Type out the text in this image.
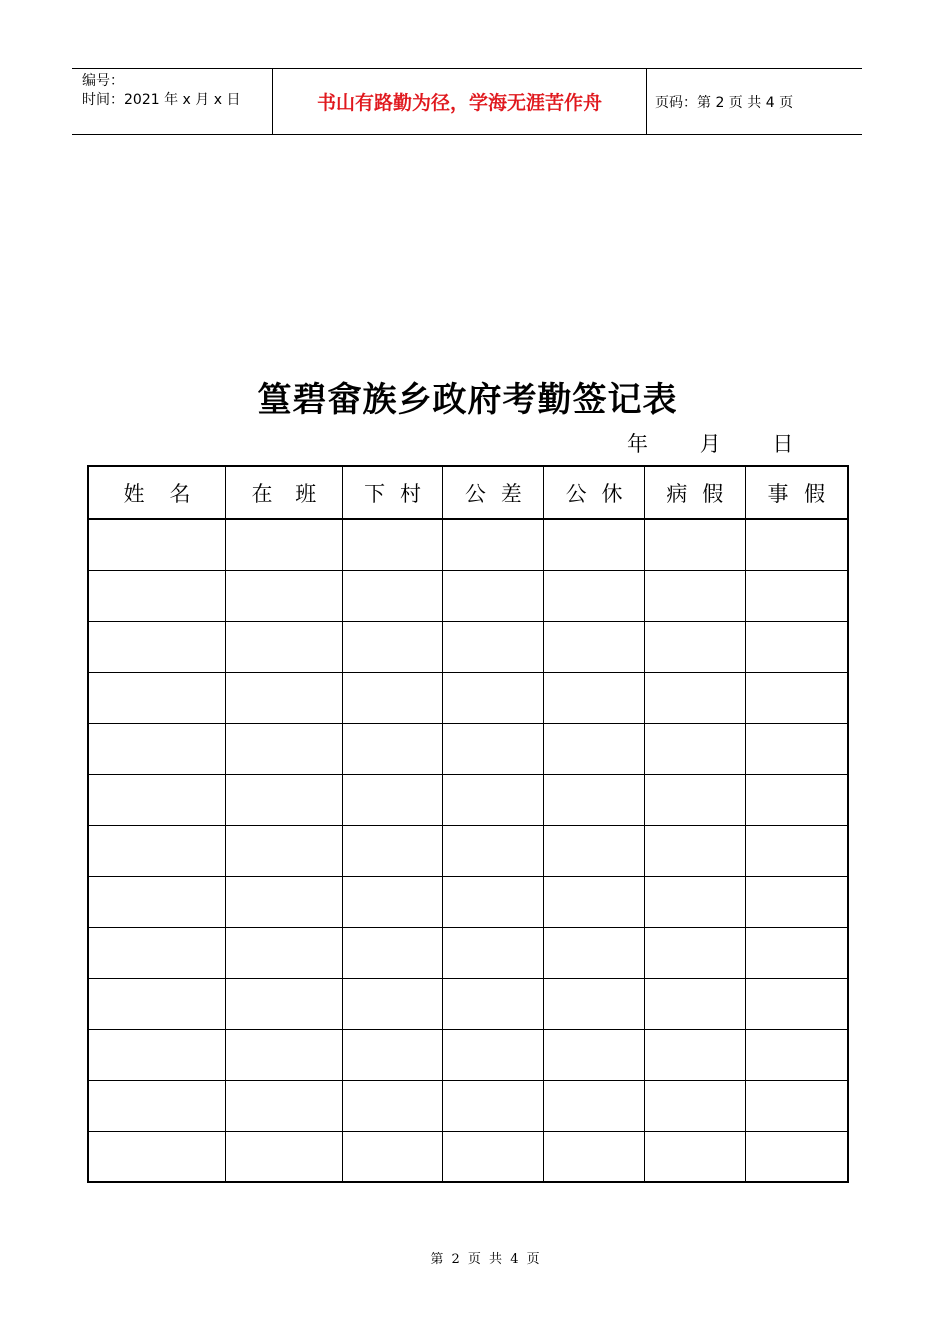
编号：
时间：2021 年 x 月 x 日	书山有路勤为径，学海无涯苦作舟	页码：第 2 页 共 4 页
篁碧畲族乡政府考勤签记表
年 月 日
姓 名	在 班	下 村	公 差	公 休	病 假	事 假

第 2 页 共 4 页
